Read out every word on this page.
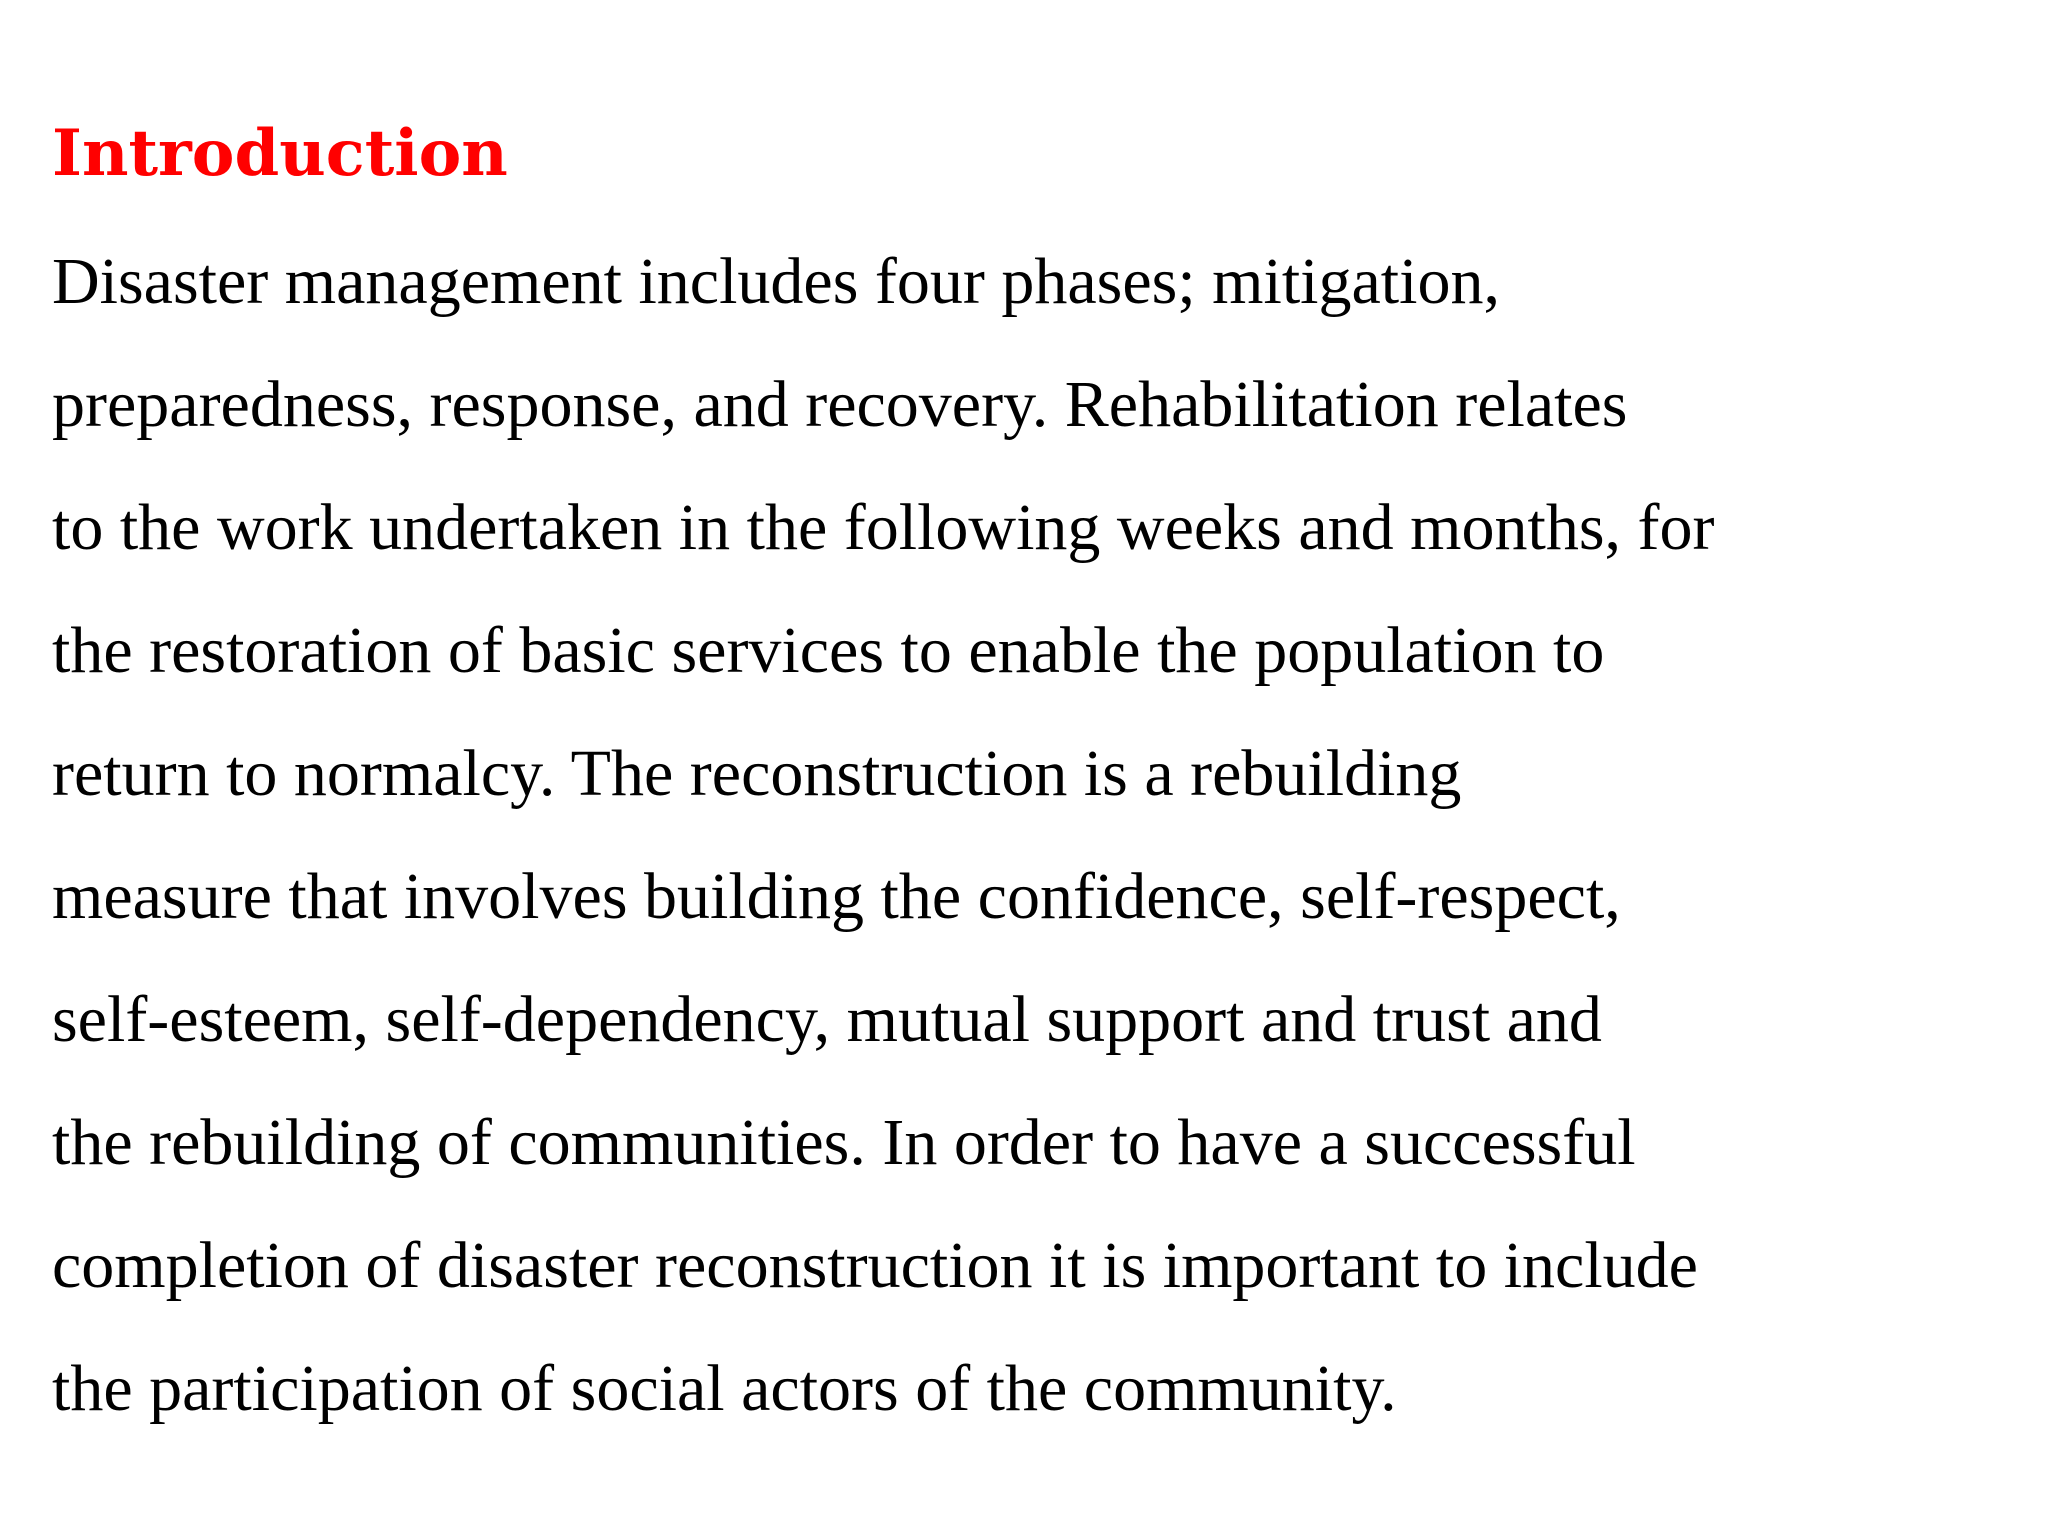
Introduction

Disaster management includes four phases; mitigation,
preparedness, response, and recovery. Rehabilitation relates
to the work undertaken in the following weeks and months, for
the restoration of basic services to enable the population to
return to normalcy. The reconstruction is a rebuilding
measure that involves building the confidence, self-respect,
self-esteem, self-dependency, mutual support and trust and
the rebuilding of communities. In order to have a successful
completion of disaster reconstruction it is important to include
the participation of social actors of the community.
